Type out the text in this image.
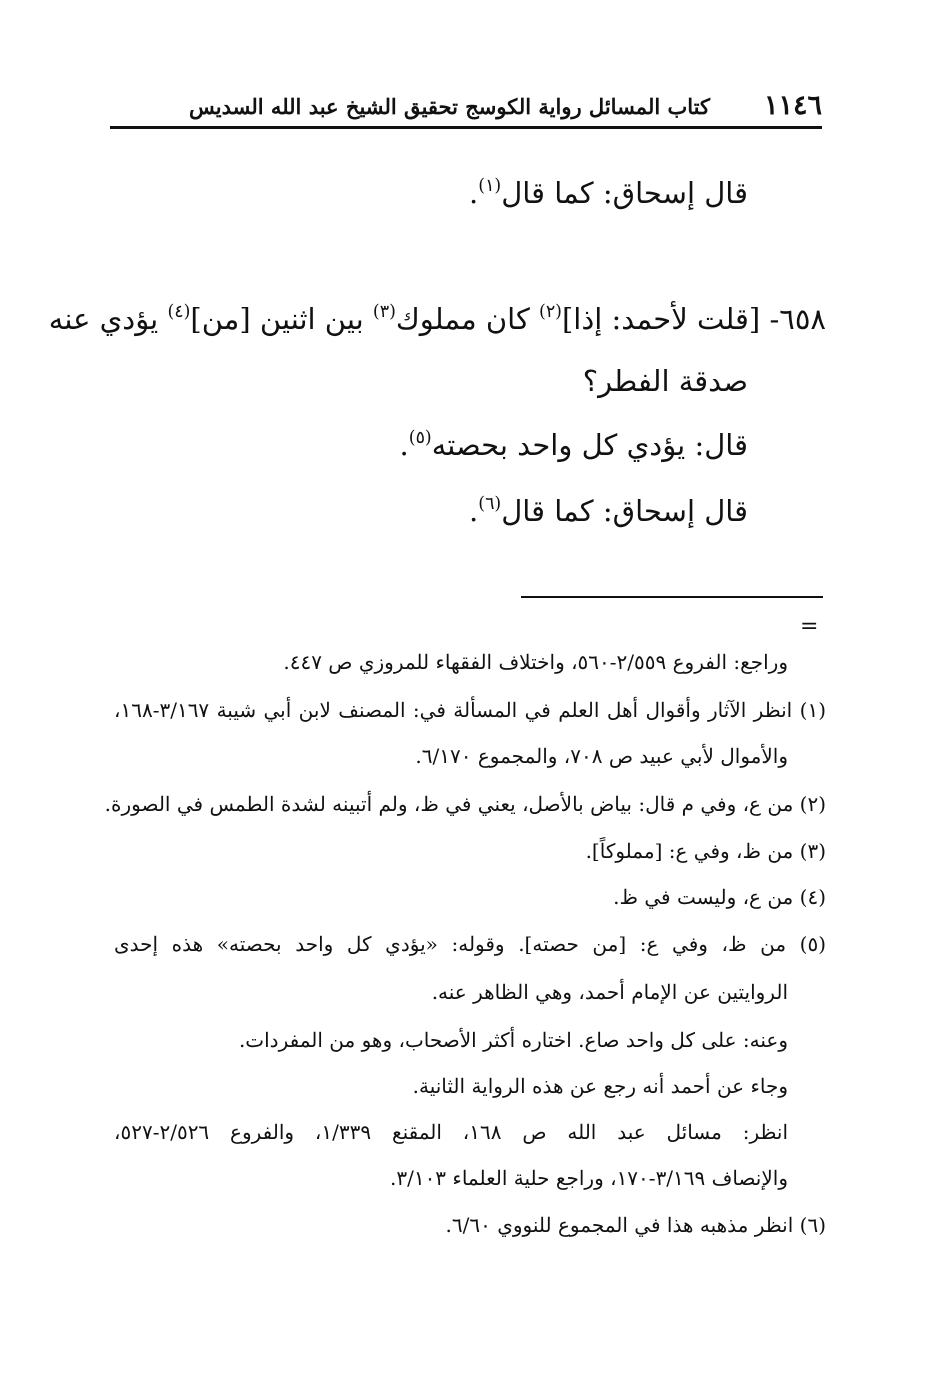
١١٤٦
كتاب المسائل رواية الكوسج تحقيق الشيخ عبد الله السديس
قال إسحاق: كما قال$^{(١)}$.
٦٥٨- [قلت لأحمد: إذا]$^{(٢)}$ كان مملوك$^{(٣)}$ بين اثنين [من]$^{(٤)}$ يؤدي عنه
صدقة الفطر؟
قال: يؤدي كل واحد بحصته$^{(٥)}$.
قال إسحاق: كما قال$^{(٦)}$.
=
وراجع: الفروع ٢/٥٥٩-٥٦٠، واختلاف الفقهاء للمروزي ص ٤٤٧.
(١) انظر الآثار وأقوال أهل العلم في المسألة في: المصنف لابن أبي شيبة ٣/١٦٧-١٦٨،
والأموال لأبي عبيد ص ٧٠٨، والمجموع ٦/١٧٠.
(٢) من ع، وفي م قال: بياض بالأصل، يعني في ظ، ولم أتبينه لشدة الطمس في الصورة.
(٣) من ظ، وفي ع: [مملوكاً].
(٤) من ع، وليست في ظ.
(٥) من ظ، وفي ع: [من حصته]. وقوله: «يؤدي كل واحد بحصته» هذه إحدى
الروايتين عن الإمام أحمد، وهي الظاهر عنه.
وعنه: على كل واحد صاع. اختاره أكثر الأصحاب، وهو من المفردات.
وجاء عن أحمد أنه رجع عن هذه الرواية الثانية.
انظر: مسائل عبد الله ص ١٦٨، المقنع ١/٣٣٩، والفروع ٢/٥٢٦-٥٢٧،
والإنصاف ٣/١٦٩-١٧٠، وراجع حلية العلماء ٣/١٠٣.
(٦) انظر مذهبه هذا في المجموع للنووي ٦/٦٠.
